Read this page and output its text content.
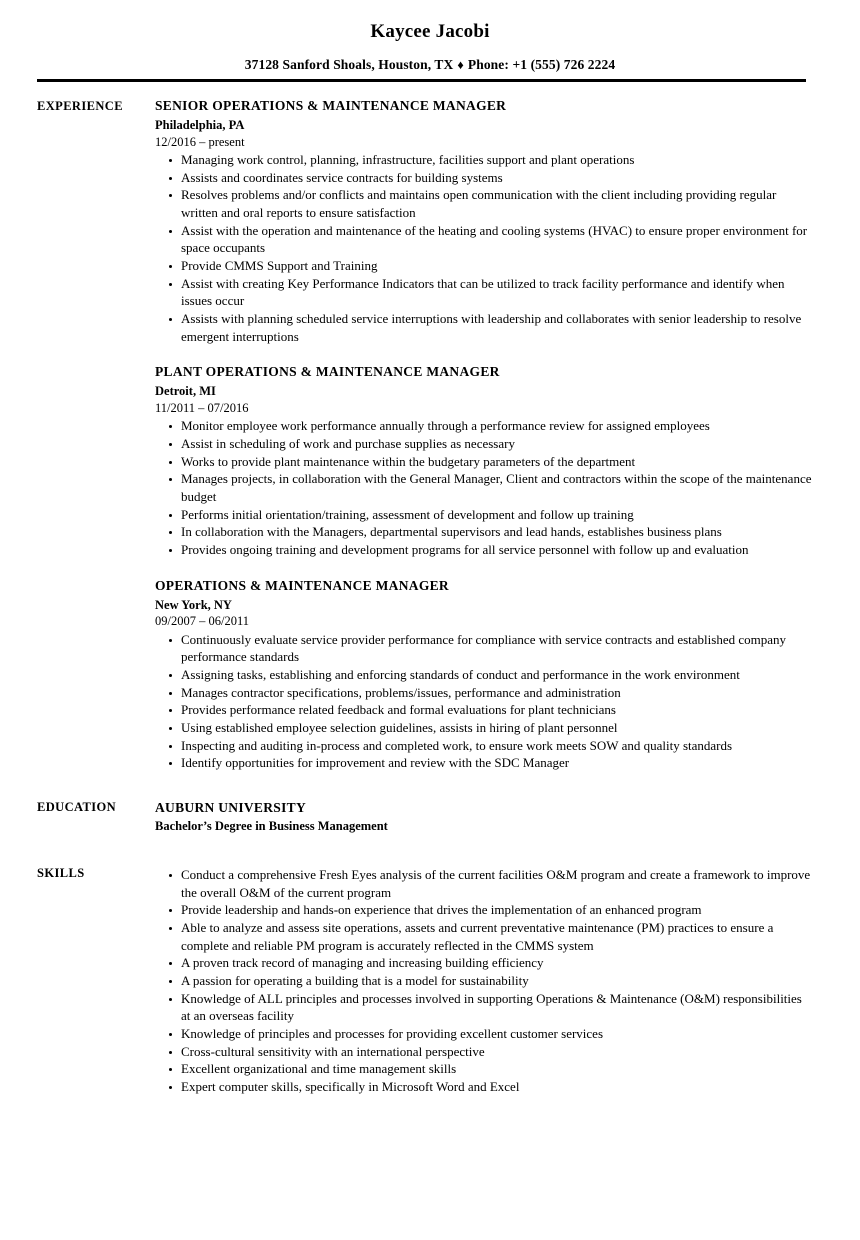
Kaycee Jacobi
37128 Sanford Shoals, Houston, TX ♦ Phone: +1 (555) 726 2224
EXPERIENCE	SENIOR OPERATIONS & MAINTENANCE MANAGER
Philadelphia, PA
12/2016 – present
Managing work control, planning, infrastructure, facilities support and plant operations
Assists and coordinates service contracts for building systems
Resolves problems and/or conflicts and maintains open communication with the client including providing regular written and oral reports to ensure satisfaction
Assist with the operation and maintenance of the heating and cooling systems (HVAC) to ensure proper environment for space occupants
Provide CMMS Support and Training
Assist with creating Key Performance Indicators that can be utilized to track facility performance and identify when issues occur
Assists with planning scheduled service interruptions with leadership and collaborates with senior leadership to resolve emergent interruptions
PLANT OPERATIONS & MAINTENANCE MANAGER
Detroit, MI
11/2011 – 07/2016
Monitor employee work performance annually through a performance review for assigned employees
Assist in scheduling of work and purchase supplies as necessary
Works to provide plant maintenance within the budgetary parameters of the department
Manages projects, in collaboration with the General Manager, Client and contractors within the scope of the maintenance budget
Performs initial orientation/training, assessment of development and follow up training
In collaboration with the Managers, departmental supervisors and lead hands, establishes business plans
Provides ongoing training and development programs for all service personnel with follow up and evaluation
OPERATIONS & MAINTENANCE MANAGER
New York, NY
09/2007 – 06/2011
Continuously evaluate service provider performance for compliance with service contracts and established company performance standards
Assigning tasks, establishing and enforcing standards of conduct and performance in the work environment
Manages contractor specifications, problems/issues, performance and administration
Provides performance related feedback and formal evaluations for plant technicians
Using established employee selection guidelines, assists in hiring of plant personnel
Inspecting and auditing in-process and completed work, to ensure work meets SOW and quality standards
Identify opportunities for improvement and review with the SDC Manager
EDUCATION	AUBURN UNIVERSITY
Bachelor’s Degree in Business Management
SKILLS	Conduct a comprehensive Fresh Eyes analysis of the current facilities O&M program and create a framework to improve the overall O&M of the current program
Provide leadership and hands-on experience that drives the implementation of an enhanced program
Able to analyze and assess site operations, assets and current preventative maintenance (PM) practices to ensure a complete and reliable PM program is accurately reflected in the CMMS system
A proven track record of managing and increasing building efficiency
A passion for operating a building that is a model for sustainability
Knowledge of ALL principles and processes involved in supporting Operations & Maintenance (O&M) responsibilities at an overseas facility
Knowledge of principles and processes for providing excellent customer services
Cross-cultural sensitivity with an international perspective
Excellent organizational and time management skills
Expert computer skills, specifically in Microsoft Word and Excel
